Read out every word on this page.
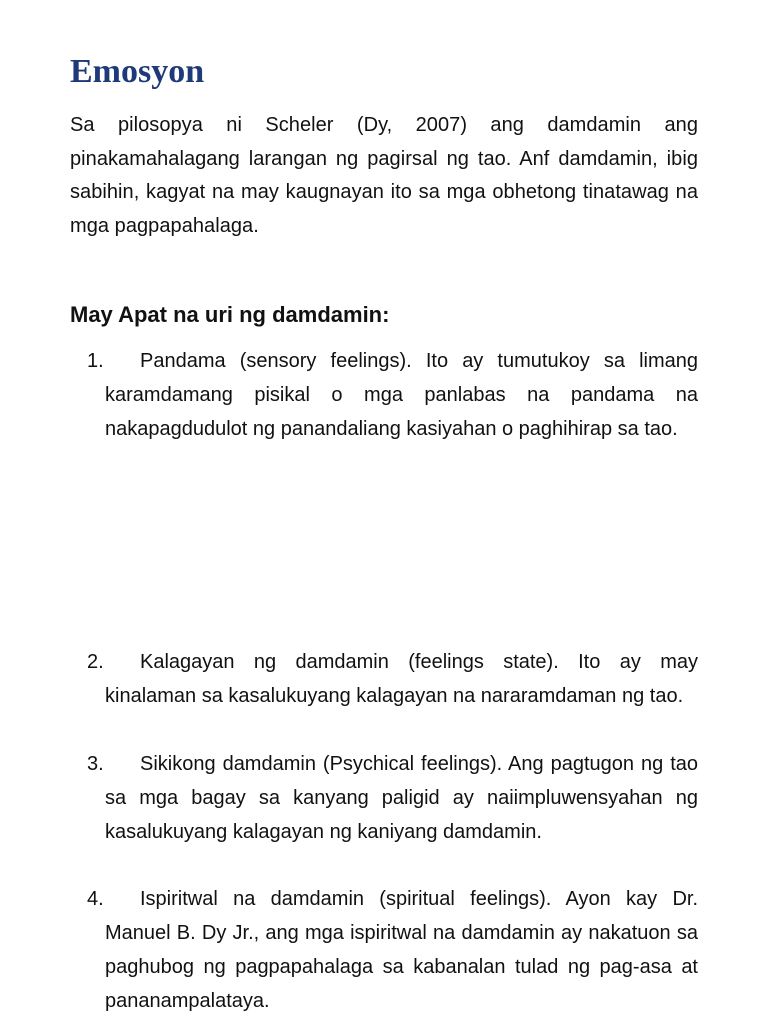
Emosyon

Sa pilosopya ni Scheler (Dy, 2007) ang damdamin ang pinakamahalagang larangan ng pagirsal ng tao. Anf damdamin, ibig sabihin, kagyat na may kaugnayan ito sa mga obhetong tinatawag na mga pagpapahalaga.

May Apat na uri ng damdamin:
1. Pandama (sensory feelings). Ito ay tumutukoy sa limang karamdamang pisikal o mga panlabas na pandama na nakapagdudulot ng panandaliang kasiyahan o paghihirap sa tao.
2. Kalagayan ng damdamin (feelings state). Ito ay may kinalaman sa kasalukuyang kalagayan na nararamdaman ng tao.
3. Sikikong damdamin (Psychical feelings). Ang pagtugon ng tao sa mga bagay sa kanyang paligid ay naiimpluwensyahan ng kasalukuyang kalagayan ng kaniyang damdamin.
4. Ispiritwal na damdamin (spiritual feelings). Ayon kay Dr. Manuel B. Dy Jr., ang mga ispiritwal na damdamin ay nakatuon sa paghubog ng pagpapahalaga sa kabanalan tulad ng pag-asa at pananampalataya.
